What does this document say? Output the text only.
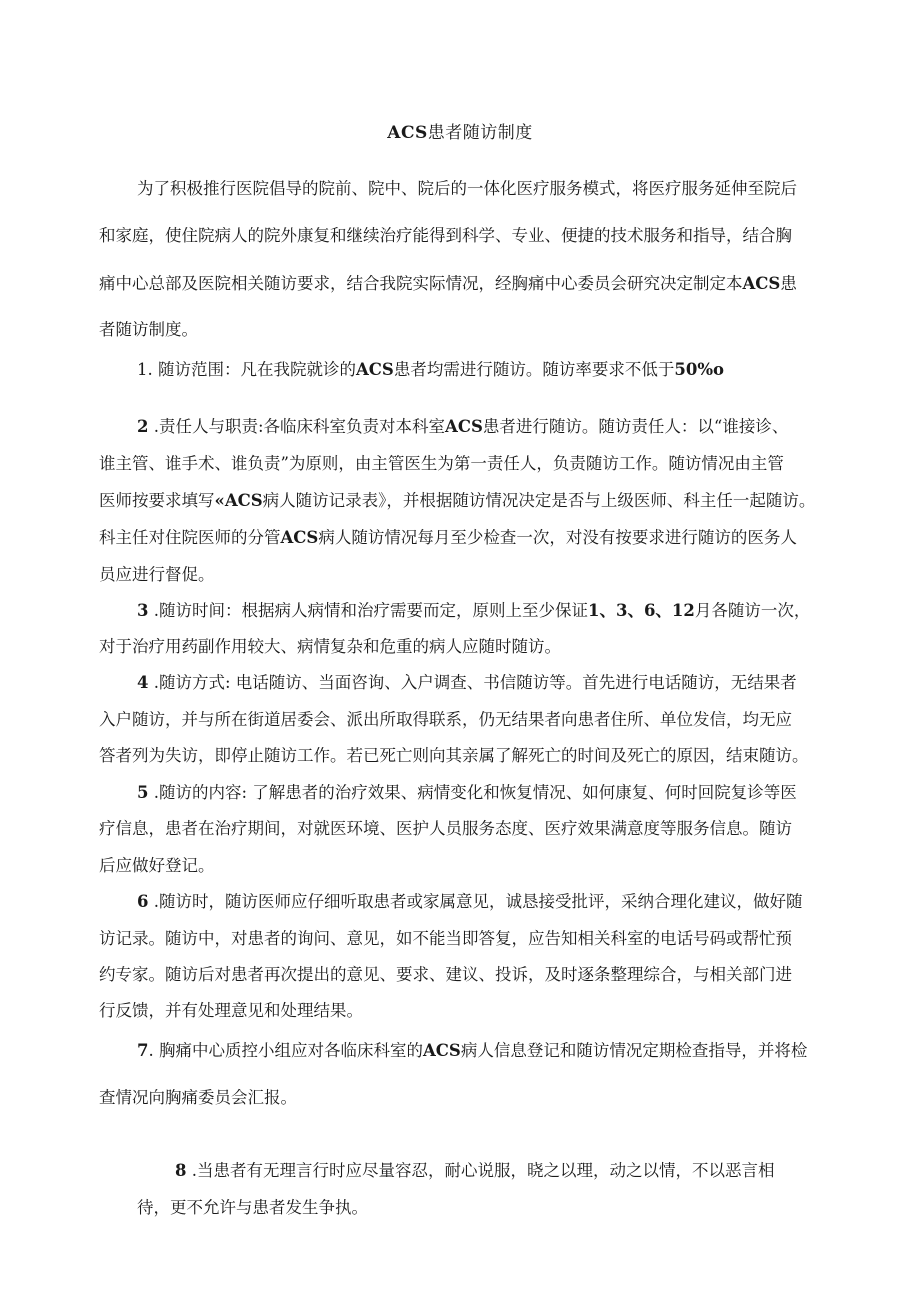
ACS患者随访制度
为了积极推行医院倡导的院前、院中、院后的一体化医疗服务模式，将医疗服务延伸至院后
和家庭，使住院病人的院外康复和继续治疗能得到科学、专业、便捷的技术服务和指导，结合胸
痛中心总部及医院相关随访要求，结合我院实际情况，经胸痛中心委员会研究决定制定本ACS患
者随访制度。
1. 随访范围：凡在我院就诊的ACS患者均需进行随访。随访率要求不低于50%o
2 .责任人与职责:各临床科室负责对本科室ACS患者进行随访。随访责任人：以“谁接诊、
谁主管、谁手术、谁负责”为原则，由主管医生为第一责任人，负责随访工作。随访情况由主管
医师按要求填写«ACS病人随访记录表》，并根据随访情况决定是否与上级医师、科主任一起随访。
科主任对住院医师的分管ACS病人随访情况每月至少检查一次，对没有按要求进行随访的医务人
员应进行督促。
3 .随访时间：根据病人病情和治疗需要而定，原则上至少保证1、3、6、12月各随访一次，
对于治疗用药副作用较大、病情复杂和危重的病人应随时随访。
4 .随访方式: 电话随访、当面咨询、入户调查、书信随访等。首先进行电话随访，无结果者
入户随访，并与所在街道居委会、派出所取得联系，仍无结果者向患者住所、单位发信，均无应
答者列为失访，即停止随访工作。若已死亡则向其亲属了解死亡的时间及死亡的原因，结束随访。
5 .随访的内容: 了解患者的治疗效果、病情变化和恢复情况、如何康复、何时回院复诊等医
疗信息，患者在治疗期间，对就医环境、医护人员服务态度、医疗效果满意度等服务信息。随访
后应做好登记。
6 .随访时，随访医师应仔细听取患者或家属意见，诚恳接受批评，采纳合理化建议，做好随
访记录。随访中，对患者的询问、意见，如不能当即答复，应告知相关科室的电话号码或帮忙预
约专家。随访后对患者再次提出的意见、要求、建议、投诉，及时逐条整理综合，与相关部门进
行反馈，并有处理意见和处理结果。
7. 胸痛中心质控小组应对各临床科室的ACS病人信息登记和随访情况定期检查指导，并将检
查情况向胸痛委员会汇报。
8 .当患者有无理言行时应尽量容忍，耐心说服，晓之以理，动之以情，不以恶言相
待，更不允许与患者发生争执。
